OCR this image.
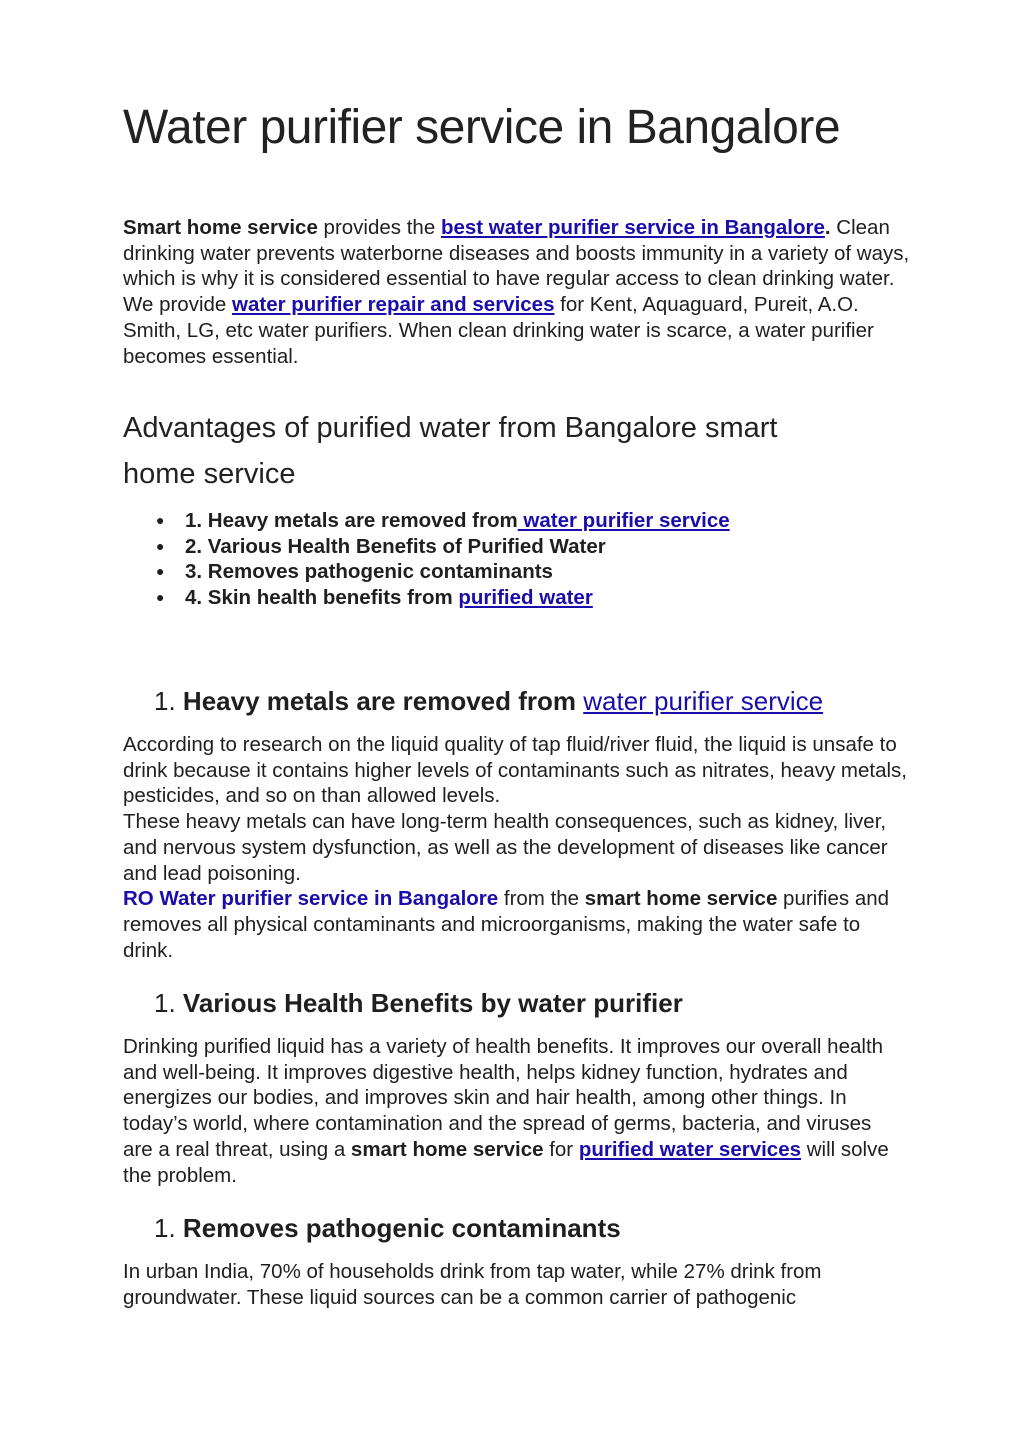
Water purifier service in Bangalore

Smart home service provides the best water purifier service in Bangalore. Clean drinking water prevents waterborne diseases and boosts immunity in a variety of ways, which is why it is considered essential to have regular access to clean drinking water. We provide water purifier repair and services for Kent, Aquaguard, Pureit, A.O. Smith, LG, etc water purifiers. When clean drinking water is scarce, a water purifier becomes essential.

Advantages of purified water from Bangalore smart home service
● 1. Heavy metals are removed from water purifier service
● 2. Various Health Benefits of Purified Water
● 3. Removes pathogenic contaminants
● 4. Skin health benefits from purified water
1. Heavy metals are removed from water purifier service

According to research on the liquid quality of tap fluid/river fluid, the liquid is unsafe to drink because it contains higher levels of contaminants such as nitrates, heavy metals, pesticides, and so on than allowed levels.
These heavy metals can have long-term health consequences, such as kidney, liver, and nervous system dysfunction, as well as the development of diseases like cancer and lead poisoning.
RO Water purifier service in Bangalore from the smart home service purifies and removes all physical contaminants and microorganisms, making the water safe to drink.

1. Various Health Benefits by water purifier

Drinking purified liquid has a variety of health benefits. It improves our overall health and well-being. It improves digestive health, helps kidney function, hydrates and energizes our bodies, and improves skin and hair health, among other things. In today’s world, where contamination and the spread of germs, bacteria, and viruses are a real threat, using a smart home service for purified water services will solve the problem.

1. Removes pathogenic contaminants

In urban India, 70% of households drink from tap water, while 27% drink from groundwater. These liquid sources can be a common carrier of pathogenic
